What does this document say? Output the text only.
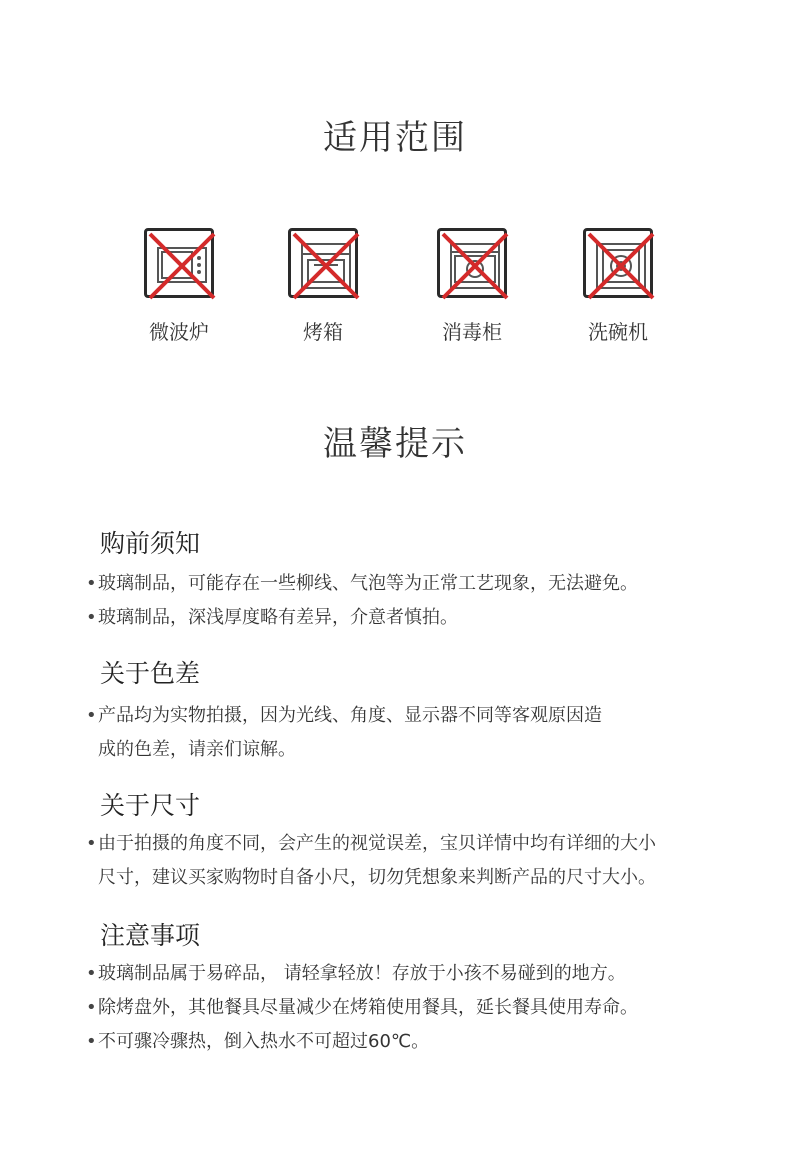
适用范围
微波炉	烤箱	消毒柜	洗碗机
温馨提示
购前须知
• 玻璃制品，可能存在一些柳线、气泡等为正常工艺现象，无法避免。
• 玻璃制品，深浅厚度略有差异，介意者慎拍。
关于色差
• 产品均为实物拍摄，因为光线、角度、显示器不同等客观原因造
成的色差，请亲们谅解。
关于尺寸
• 由于拍摄的角度不同，会产生的视觉误差，宝贝详情中均有详细的大小
尺寸，建议买家购物时自备小尺，切勿凭想象来判断产品的尺寸大小。
注意事项
• 玻璃制品属于易碎品， 请轻拿轻放！存放于小孩不易碰到的地方。
• 除烤盘外，其他餐具尽量减少在烤箱使用餐具，延长餐具使用寿命。
• 不可骤冷骤热，倒入热水不可超过60℃。
